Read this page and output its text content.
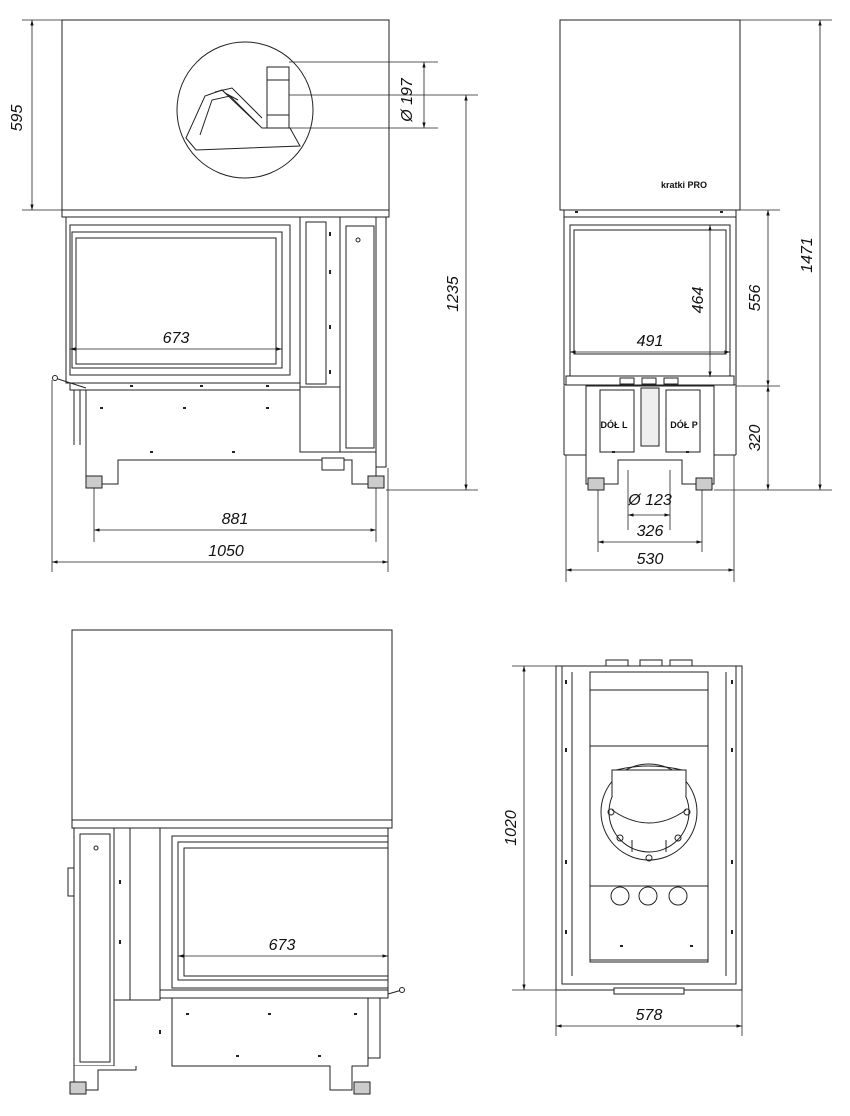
595	Ø 197
1235
673
881
1050
kratki PRO
DÓŁ L	DÓŁ P
1471
556
320
464
491
Ø 123
326
530
673
1020
578
